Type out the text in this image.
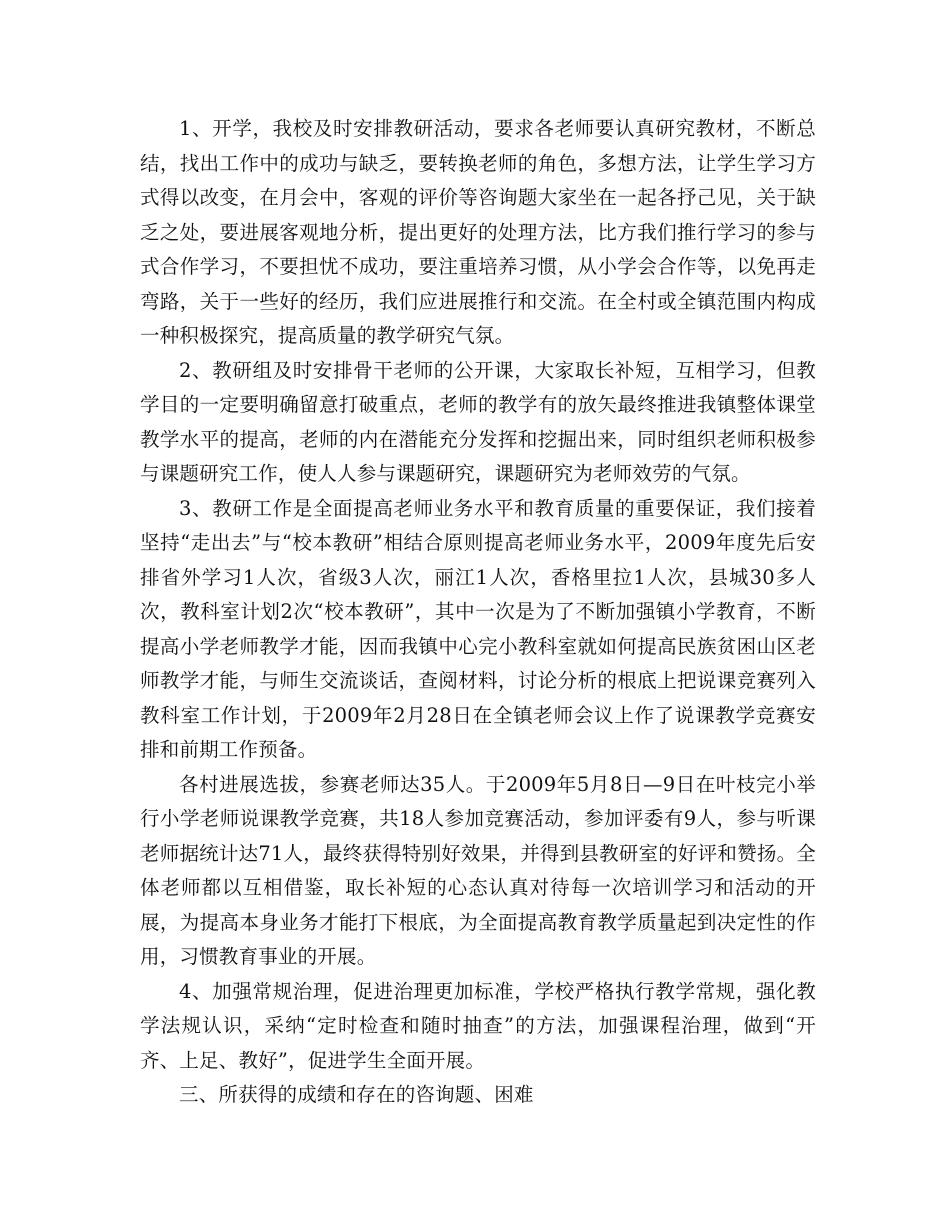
1、开学，我校及时安排教研活动，要求各老师要认真研究教材，不断总结，找出工作中的成功与缺乏，要转换老师的角色，多想方法，让学生学习方式得以改变，在月会中，客观的评价等咨询题大家坐在一起各抒己见，关于缺乏之处，要进展客观地分析，提出更好的处理方法，比方我们推行学习的参与式合作学习，不要担忧不成功，要注重培养习惯，从小学会合作等，以免再走弯路，关于一些好的经历，我们应进展推行和交流。在全村或全镇范围内构成一种积极探究，提高质量的教学研究气氛。

2、教研组及时安排骨干老师的公开课，大家取长补短，互相学习，但教学目的一定要明确留意打破重点，老师的教学有的放矢最终推进我镇整体课堂教学水平的提高，老师的内在潜能充分发挥和挖掘出来，同时组织老师积极参与课题研究工作，使人人参与课题研究，课题研究为老师效劳的气氛。

3、教研工作是全面提高老师业务水平和教育质量的重要保证，我们接着坚持“走出去”与“校本教研”相结合原则提高老师业务水平，2009年度先后安排省外学习1人次，省级3人次，丽江1人次，香格里拉1人次，县城30多人次，教科室计划2次“校本教研”，其中一次是为了不断加强镇小学教育，不断提高小学老师教学才能，因而我镇中心完小教科室就如何提高民族贫困山区老师教学才能，与师生交流谈话，查阅材料，讨论分析的根底上把说课竞赛列入教科室工作计划，于2009年2月28日在全镇老师会议上作了说课教学竞赛安排和前期工作预备。

各村进展选拔，参赛老师达35人。于2009年5月8日—9日在叶枝完小举行小学老师说课教学竞赛，共18人参加竞赛活动，参加评委有9人，参与听课老师据统计达71人，最终获得特别好效果，并得到县教研室的好评和赞扬。全体老师都以互相借鉴，取长补短的心态认真对待每一次培训学习和活动的开展，为提高本身业务才能打下根底，为全面提高教育教学质量起到决定性的作用，习惯教育事业的开展。

4、加强常规治理，促进治理更加标准，学校严格执行教学常规，强化教学法规认识，采纳“定时检查和随时抽查”的方法，加强课程治理，做到“开齐、上足、教好”，促进学生全面开展。

三、所获得的成绩和存在的咨询题、困难
